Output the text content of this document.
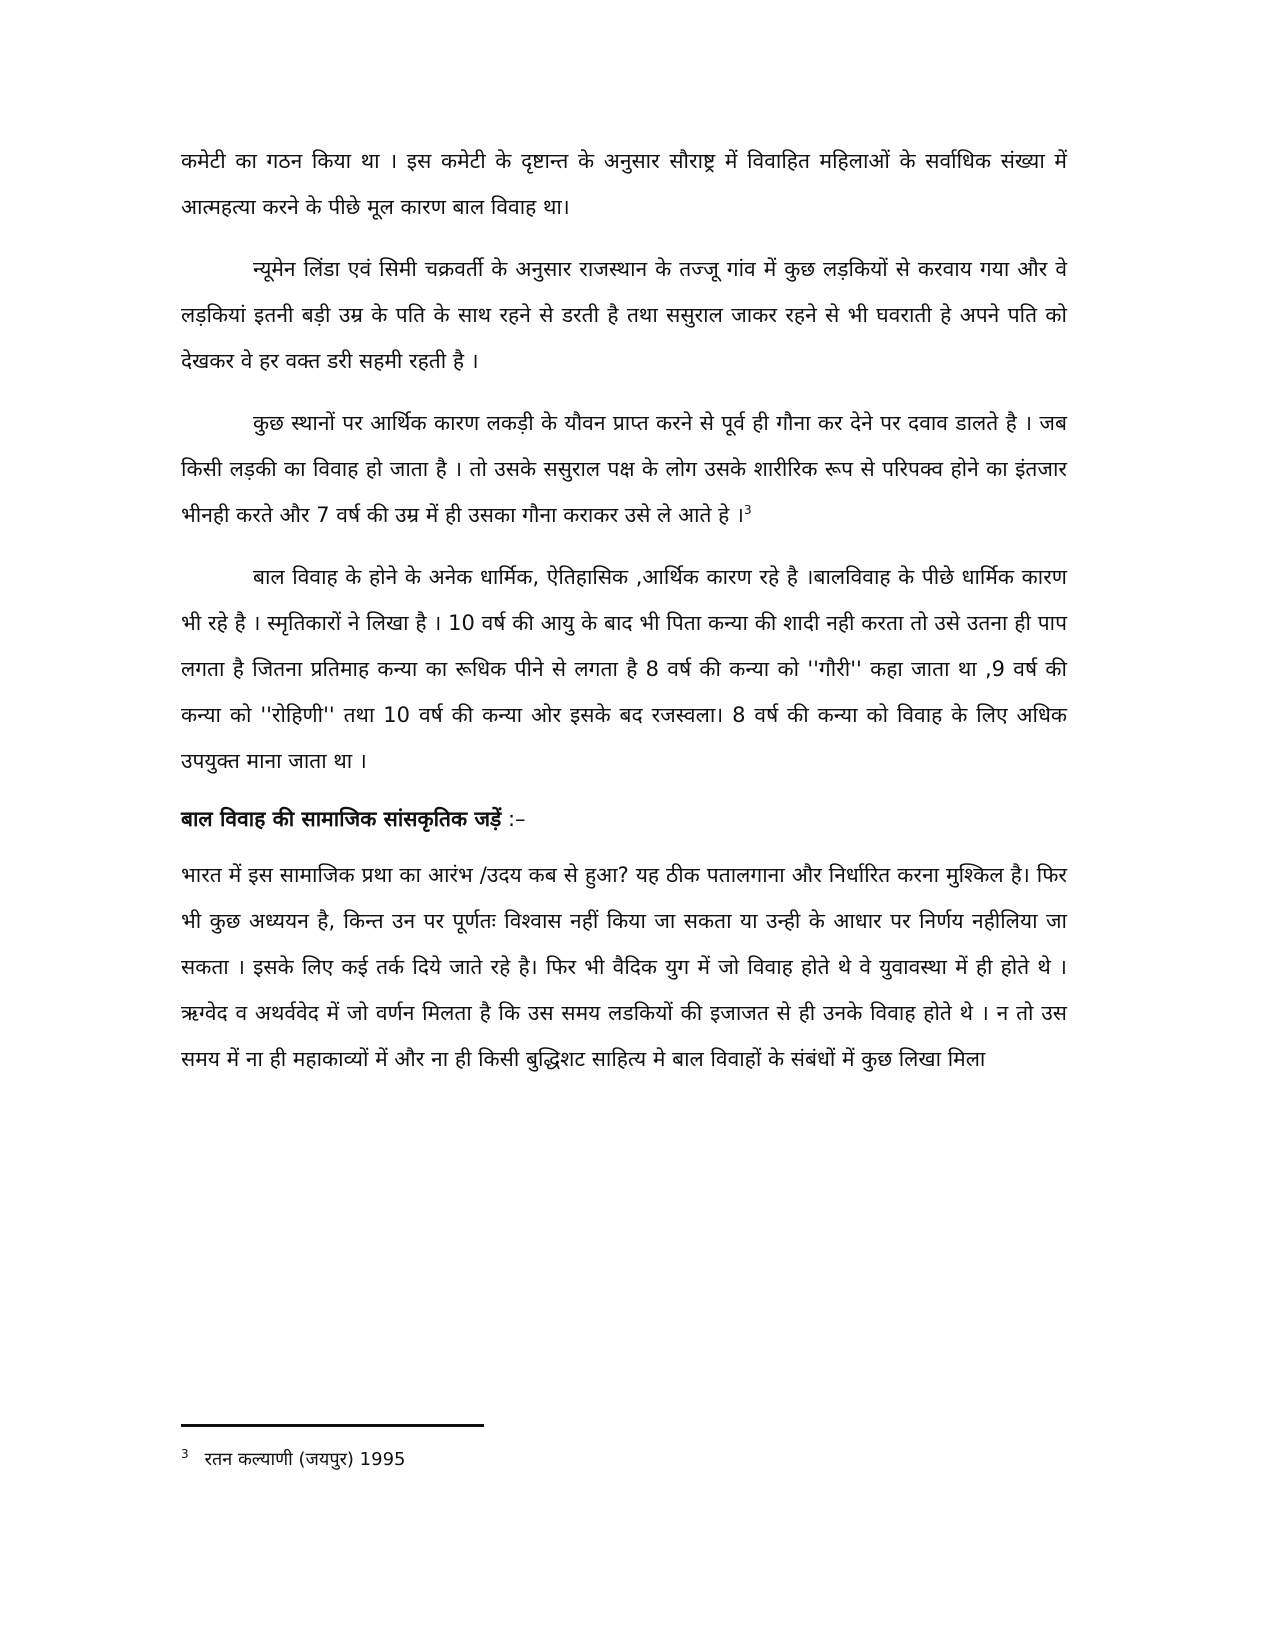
कमेटी का गठन किया था । इस कमेटी के दृष्टान्त के अनुसार सौराष्ट्र में विवाहित महिलाओं के सर्वाधिक संख्या में आत्महत्या करने के पीछे मूल कारण बाल विवाह था।

न्यूमेन लिंडा एवं सिमी चक्रवर्ती के अनुसार राजस्थान के तज्जू गांव में कुछ लड़कियों से करवाय गया और वे लड़कियां इतनी बड़ी उम्र के पति के साथ रहने से डरती है तथा ससुराल जाकर रहने से भी घवराती हे अपने पति को देखकर वे हर वक्त डरी सहमी रहती है ।

कुछ स्थानों पर आर्थिक कारण लकड़ी के यौवन प्राप्त करने से पूर्व ही गौना कर देने पर दवाव डालते है । जब किसी लड़की का विवाह हो जाता है । तो उसके ससुराल पक्ष के लोग उसके शारीरिक रूप से परिपक्व होने का इंतजार भीनही करते और 7 वर्ष की उम्र में ही उसका गौना कराकर उसे ले आते हे ।$^3$

बाल विवाह के होने के अनेक धार्मिक, ऐतिहासिक ,आर्थिक कारण रहे है ।बालविवाह के पीछे धार्मिक कारण भी रहे है । स्मृतिकारों ने लिखा है । 10 वर्ष की आयु के बाद भी पिता कन्या की शादी नही करता तो उसे उतना ही पाप लगता है जितना प्रतिमाह कन्या का रूधिक पीने से लगता है 8 वर्ष की कन्या को ''गौरी'' कहा जाता था ,9 वर्ष की कन्या को ''रोहिणी'' तथा 10 वर्ष की कन्या ओर इसके बद रजस्वला। 8 वर्ष की कन्या को विवाह के लिए अधिक उपयुक्त माना जाता था ।

बाल विवाह की सामाजिक सांसकृतिक जड़ें :–

भारत में इस सामाजिक प्रथा का आरंभ /उदय कब से हुआ? यह ठीक पतालगाना और निर्धारित करना मुश्किल है। फिर भी कुछ अध्ययन है, किन्त उन पर पूर्णतः विश्वास नहीं किया जा सकता या उन्ही के आधार पर निर्णय नहीलिया जा सकता । इसके लिए कई तर्क दिये जाते रहे है। फिर भी वैदिक युग में जो विवाह होते थे वे युवावस्था में ही होते थे । ऋग्वेद व अथर्ववेद में जो वर्णन मिलता है कि उस समय लडकियों की इजाजत से ही उनके विवाह होते थे । न तो उस समय में ना ही महाकाव्यों में और ना ही किसी बुद्धिशट साहित्य मे बाल विवाहों के संबंधों में कुछ लिखा मिला

$^3$ रतन कल्याणी (जयपुर) 1995
